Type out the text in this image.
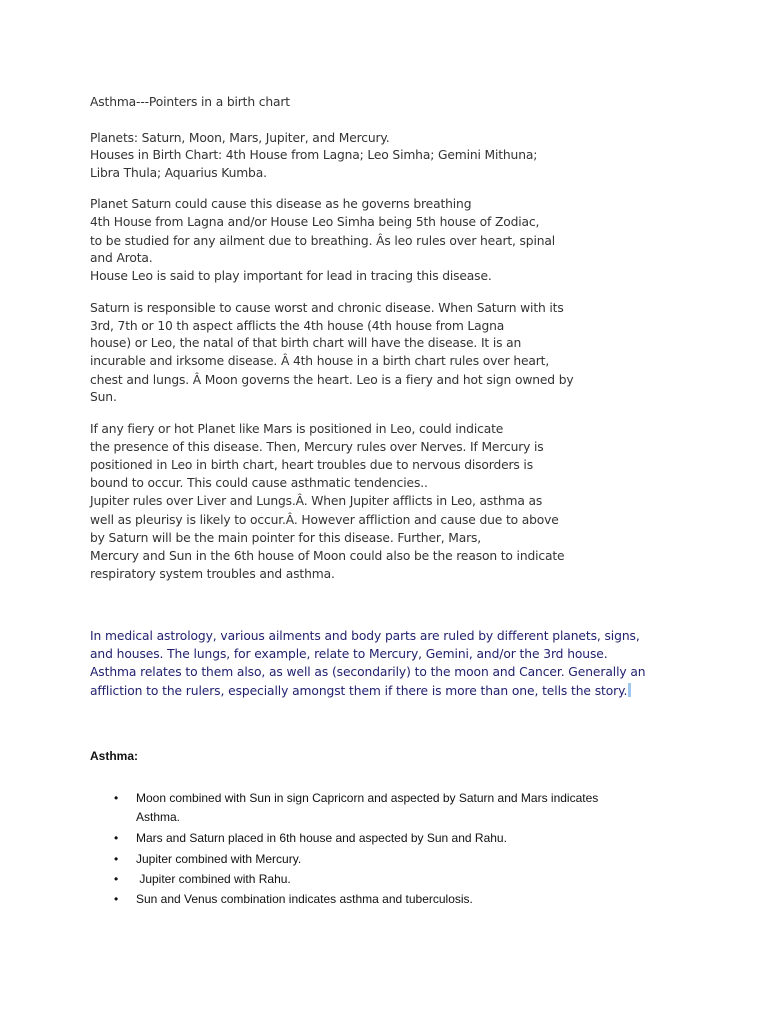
Asthma---Pointers in a birth chart
Planets: Saturn, Moon, Mars, Jupiter, and Mercury.
Houses in Birth Chart: 4th House from Lagna; Leo Simha; Gemini Mithuna;
Libra Thula; Aquarius Kumba.
Planet Saturn could cause this disease as he governs breathing
4th House from Lagna and/or House Leo Simha being 5th house of Zodiac,
to be studied for any ailment due to breathing. Âs leo rules over heart, spinal
and Arota.
House Leo is said to play important for lead in tracing this disease.
Saturn is responsible to cause worst and chronic disease. When Saturn with its
3rd, 7th or 10 th aspect afflicts the 4th house (4th house from Lagna
house) or Leo, the natal of that birth chart will have the disease. It is an
incurable and irksome disease. Â 4th house in a birth chart rules over heart,
chest and lungs. Â Moon governs the heart. Leo is a fiery and hot sign owned by
Sun.
If any fiery or hot Planet like Mars is positioned in Leo, could indicate
the presence of this disease. Then, Mercury rules over Nerves. If Mercury is
positioned in Leo in birth chart, heart troubles due to nervous disorders is
bound to occur. This could cause asthmatic tendencies..
Jupiter rules over Liver and Lungs.Â. When Jupiter afflicts in Leo, asthma as
well as pleurisy is likely to occur.Â. However affliction and cause due to above
by Saturn will be the main pointer for this disease. Further, Mars,
Mercury and Sun in the 6th house of Moon could also be the reason to indicate
respiratory system troubles and asthma.
In medical astrology, various ailments and body parts are ruled by different planets, signs,
and houses. The lungs, for example, relate to Mercury, Gemini, and/or the 3rd house.
Asthma relates to them also, as well as (secondarily) to the moon and Cancer. Generally an
affliction to the rulers, especially amongst them if there is more than one, tells the story.
Asthma:
• Moon combined with Sun in sign Capricorn and aspected by Saturn and Mars indicates
Asthma.
• Mars and Saturn placed in 6th house and aspected by Sun and Rahu.
• Jupiter combined with Mercury.
• Jupiter combined with Rahu.
• Sun and Venus combination indicates asthma and tuberculosis.
